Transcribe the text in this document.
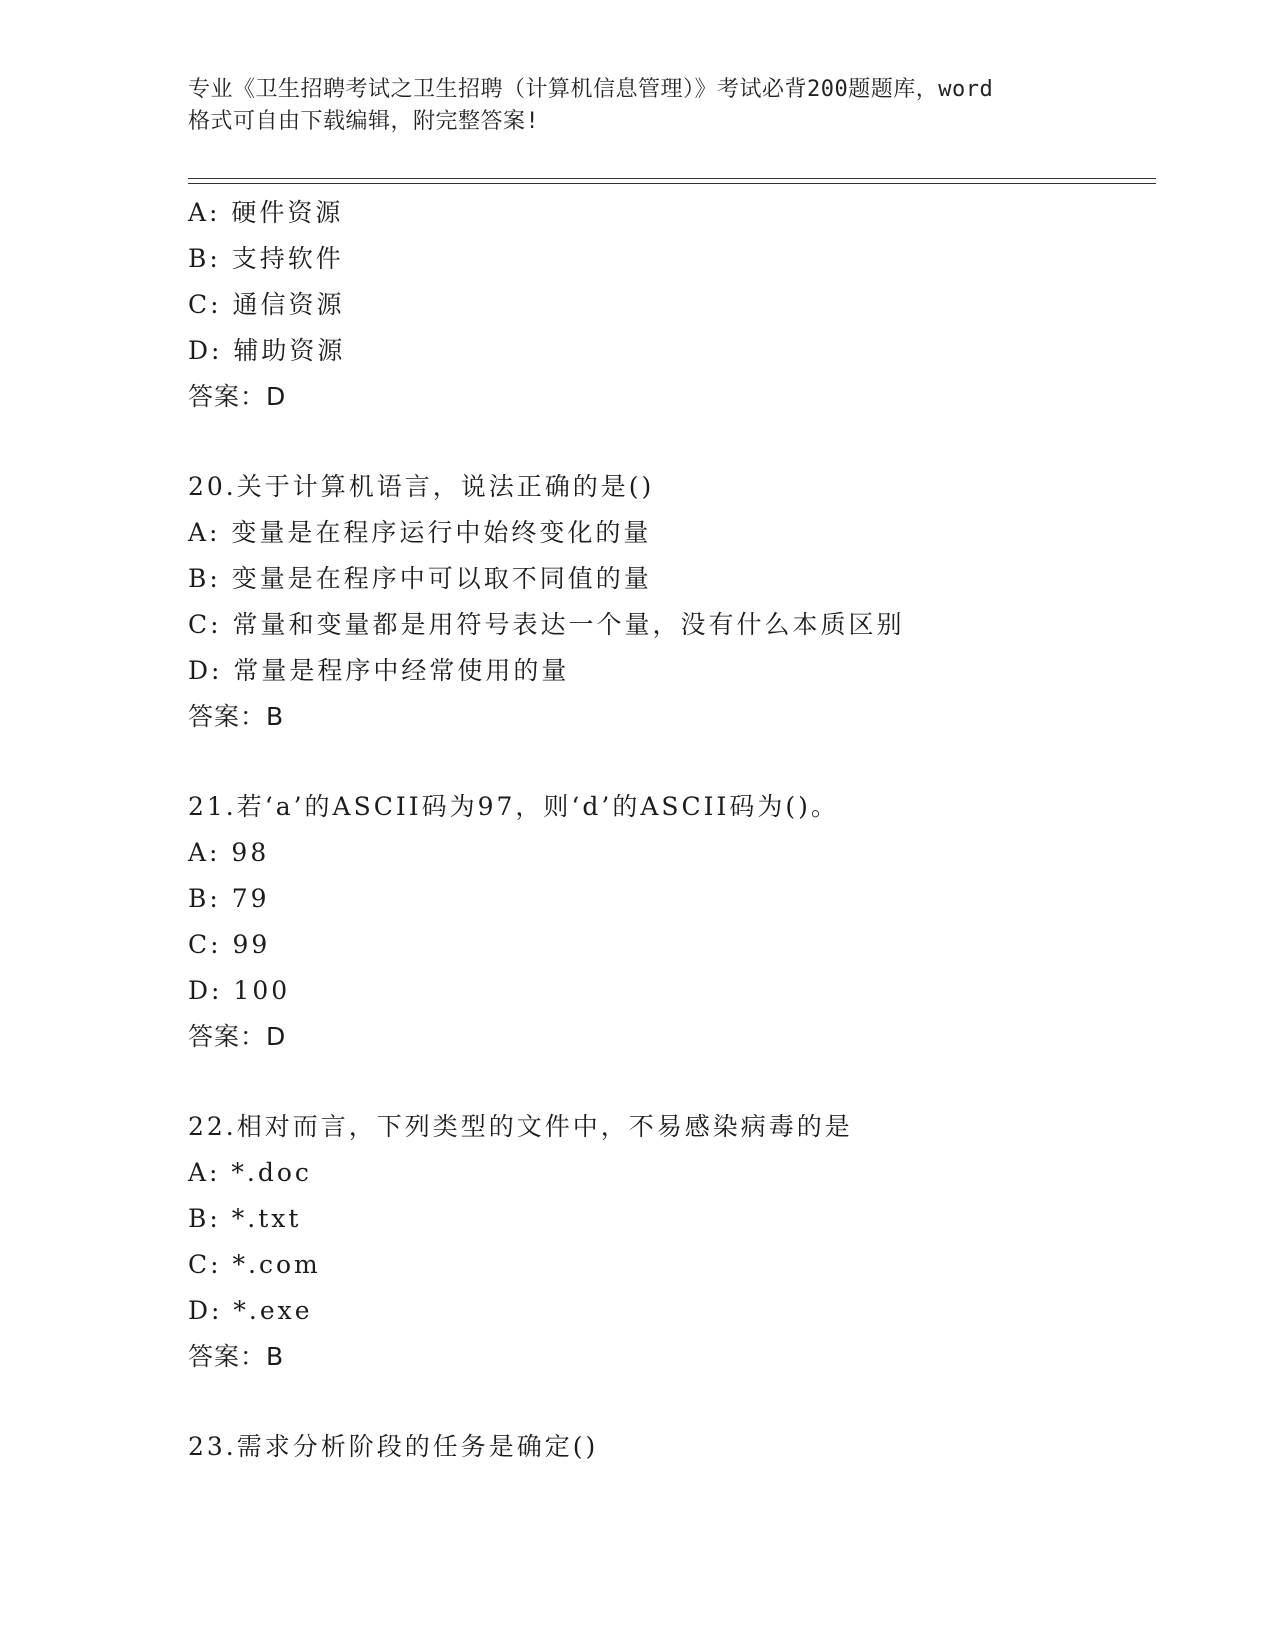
专业《卫生招聘考试之卫生招聘（计算机信息管理）》考试必背200题题库，word
格式可自由下载编辑，附完整答案!
A: 硬件资源
B: 支持软件
C: 通信资源
D: 辅助资源
答案：D
20.关于计算机语言，说法正确的是()
A: 变量是在程序运行中始终变化的量
B: 变量是在程序中可以取不同值的量
C: 常量和变量都是用符号表达一个量，没有什么本质区别
D: 常量是程序中经常使用的量
答案：B
21.若‘a’的ASCII码为97，则‘d’的ASCII码为()。
A: 98
B: 79
C: 99
D: 100
答案：D
22.相对而言，下列类型的文件中，不易感染病毒的是
A: *.doc
B: *.txt
C: *.com
D: *.exe
答案：B
23.需求分析阶段的任务是确定()
